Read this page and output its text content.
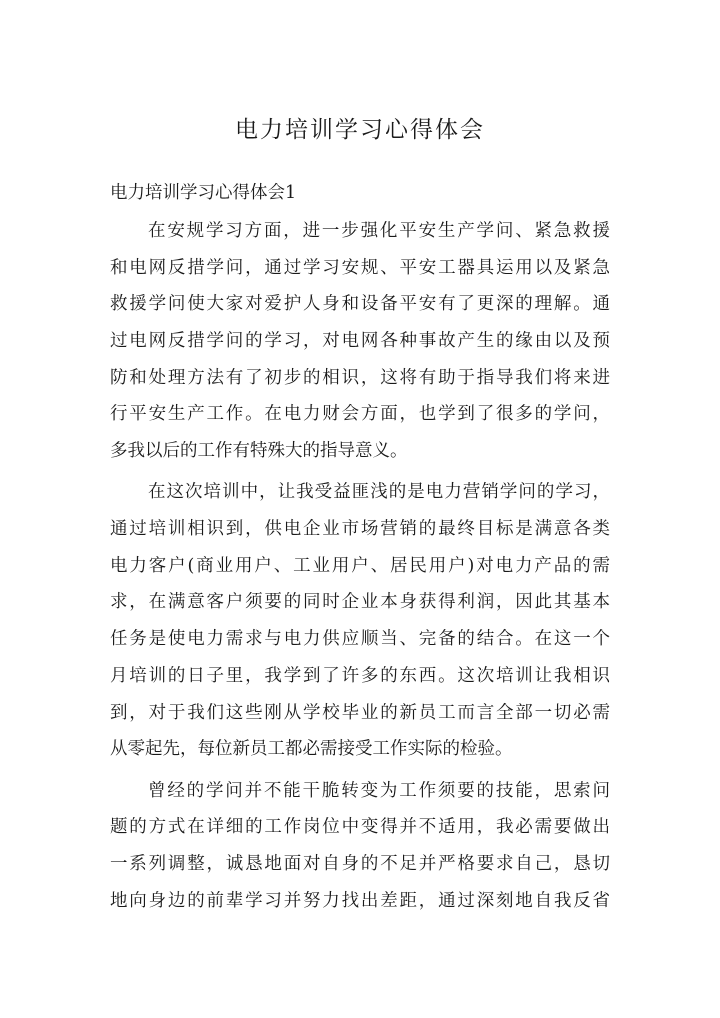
电力培训学习心得体会

电力培训学习心得体会1

在安规学习方面，进一步强化平安生产学问、紧急救援
和电网反措学问，通过学习安规、平安工器具运用以及紧急
救援学问使大家对爱护人身和设备平安有了更深的理解。通
过电网反措学问的学习，对电网各种事故产生的缘由以及预
防和处理方法有了初步的相识，这将有助于指导我们将来进
行平安生产工作。在电力财会方面，也学到了很多的学问，
多我以后的工作有特殊大的指导意义。
在这次培训中，让我受益匪浅的是电力营销学问的学习，
通过培训相识到，供电企业市场营销的最终目标是满意各类
电力客户(商业用户、工业用户、居民用户)对电力产品的需
求，在满意客户须要的同时企业本身获得利润，因此其基本
任务是使电力需求与电力供应顺当、完备的结合。在这一个
月培训的日子里，我学到了许多的东西。这次培训让我相识
到，对于我们这些刚从学校毕业的新员工而言全部一切必需
从零起先，每位新员工都必需接受工作实际的检验。
曾经的学问并不能干脆转变为工作须要的技能，思索问
题的方式在详细的工作岗位中变得并不适用，我必需要做出
一系列调整，诚恳地面对自身的不足并严格要求自己，恳切
地向身边的前辈学习并努力找出差距，通过深刻地自我反省
